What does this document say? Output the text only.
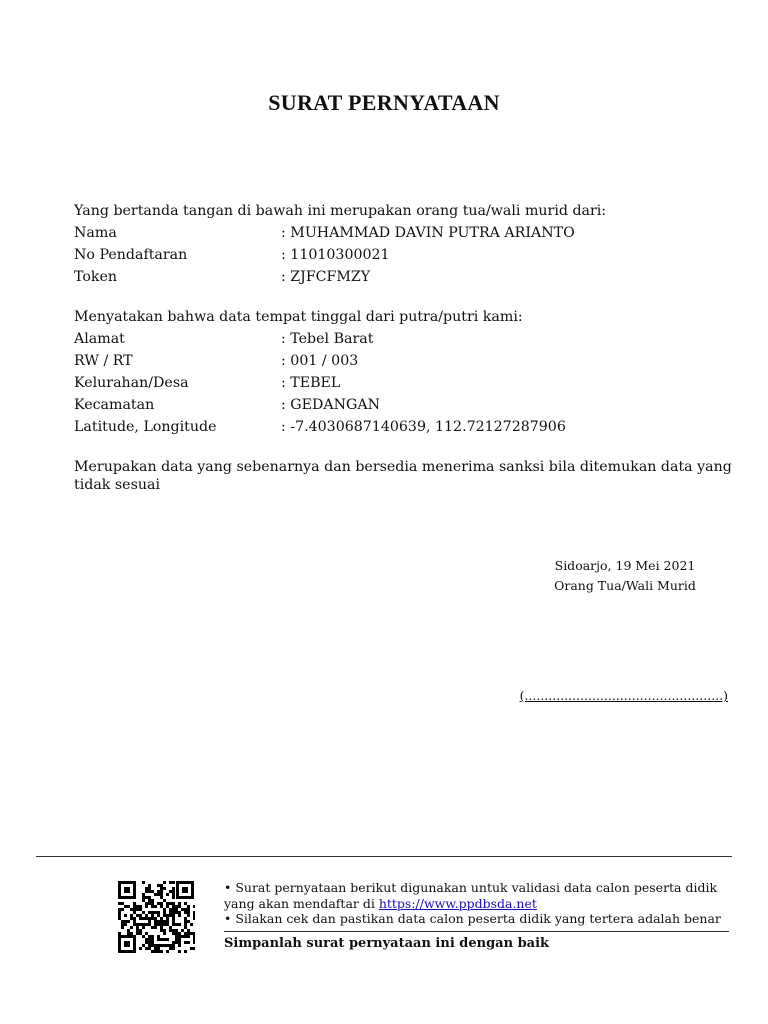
SURAT PERNYATAAN
Yang bertanda tangan di bawah ini merupakan orang tua/wali murid dari:
Nama	: MUHAMMAD DAVIN PUTRA ARIANTO
No Pendaftaran	: 11010300021
Token	: ZJFCFMZY
Menyatakan bahwa data tempat tinggal dari putra/putri kami:
Alamat	: Tebel Barat
RW / RT	: 001 / 003
Kelurahan/Desa	: TEBEL
Kecamatan	: GEDANGAN
Latitude, Longitude	: -7.4030687140639, 112.72127287906
Merupakan data yang sebenarnya dan bersedia menerima sanksi bila ditemukan data yang tidak sesuai
Sidoarjo, 19 Mei 2021
Orang Tua/Wali Murid
(..................................................)
• Surat pernyataan berikut digunakan untuk validasi data calon peserta didik yang akan mendaftar di https://www.ppdbsda.net
• Silakan cek dan pastikan data calon peserta didik yang tertera adalah benar
Simpanlah surat pernyataan ini dengan baik
